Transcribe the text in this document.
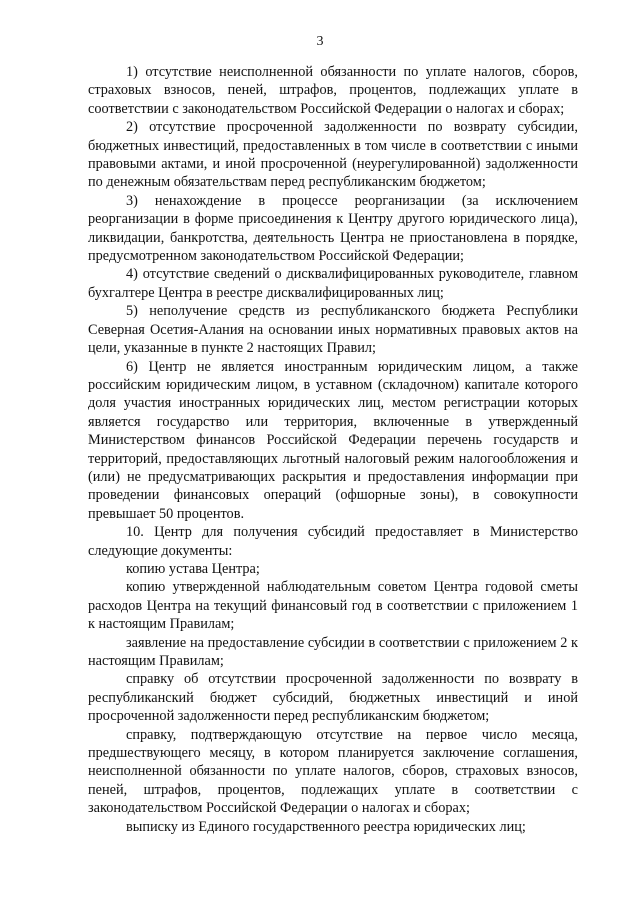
3

1) отсутствие неисполненной обязанности по уплате налогов, сборов, страховых взносов, пеней, штрафов, процентов, подлежащих уплате в соответствии с законодательством Российской Федерации о налогах и сборах;

2) отсутствие просроченной задолженности по возврату субсидии, бюджетных инвестиций, предоставленных в том числе в соответствии с иными правовыми актами, и иной просроченной (неурегулированной) задолженности по денежным обязательствам перед республиканским бюджетом;

3) ненахождение в процессе реорганизации (за исключением реорганизации в форме присоединения к Центру другого юридического лица), ликвидации, банкротства, деятельность Центра не приостановлена в порядке, предусмотренном законодательством Российской Федерации;

4) отсутствие сведений о дисквалифицированных руководителе, главном бухгалтере Центра в реестре дисквалифицированных лиц;

5) неполучение средств из республиканского бюджета Республики Северная Осетия-Алания на основании иных нормативных правовых актов на цели, указанные в пункте 2 настоящих Правил;

6) Центр не является иностранным юридическим лицом, а также российским юридическим лицом, в уставном (складочном) капитале которого доля участия иностранных юридических лиц, местом регистрации которых является государство или территория, включенные в утвержденный Министерством финансов Российской Федерации перечень государств и территорий, предоставляющих льготный налоговый режим налогообложения и (или) не предусматривающих раскрытия и предоставления информации при проведении финансовых операций (офшорные зоны), в совокупности превышает 50 процентов.

10. Центр для получения субсидий предоставляет в Министерство следующие документы:

копию устава Центра;

копию утвержденной наблюдательным советом Центра годовой сметы расходов Центра на текущий финансовый год в соответствии с приложением 1 к настоящим Правилам;

заявление на предоставление субсидии в соответствии с приложением 2 к настоящим Правилам;

справку об отсутствии просроченной задолженности по возврату в республиканский бюджет субсидий, бюджетных инвестиций и иной просроченной задолженности перед республиканским бюджетом;

справку, подтверждающую отсутствие на первое число месяца, предшествующего месяцу, в котором планируется заключение соглашения, неисполненной обязанности по уплате налогов, сборов, страховых взносов, пеней, штрафов, процентов, подлежащих уплате в соответствии с законодательством Российской Федерации о налогах и сборах;

выписку из Единого государственного реестра юридических лиц;
